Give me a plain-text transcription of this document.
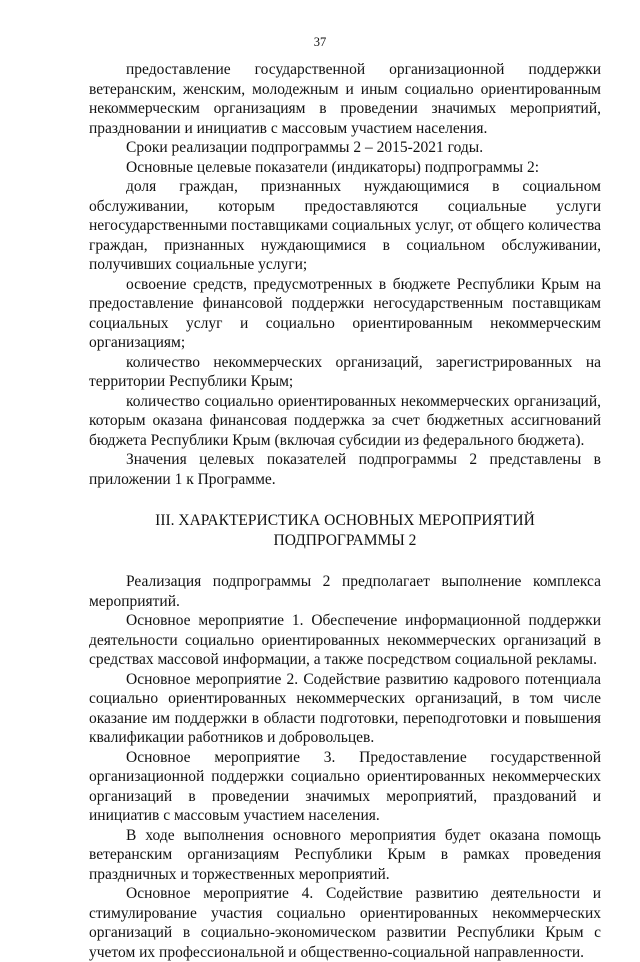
37

предоставление государственной организационной поддержки ветеранским, женским, молодежным и иным социально ориентированным некоммерческим организациям в проведении значимых мероприятий, праздновании и инициатив с массовым участием населения.

Сроки реализации подпрограммы 2 – 2015-2021 годы.

Основные целевые показатели (индикаторы) подпрограммы 2:

доля граждан, признанных нуждающимися в социальном обслуживании, которым предоставляются социальные услуги негосударственными поставщиками социальных услуг, от общего количества граждан, признанных нуждающимися в социальном обслуживании, получивших социальные услуги;

освоение средств, предусмотренных в бюджете Республики Крым на предоставление финансовой поддержки негосударственным поставщикам социальных услуг и социально ориентированным некоммерческим организациям;

количество некоммерческих организаций, зарегистрированных на территории Республики Крым;

количество социально ориентированных некоммерческих организаций, которым оказана финансовая поддержка за счет бюджетных ассигнований бюджета Республики Крым (включая субсидии из федерального бюджета).

Значения целевых показателей подпрограммы 2 представлены в приложении 1 к Программе.

III. ХАРАКТЕРИСТИКА ОСНОВНЫХ МЕРОПРИЯТИЙ
ПОДПРОГРАММЫ 2

Реализация подпрограммы 2 предполагает выполнение комплекса мероприятий.

Основное мероприятие 1. Обеспечение информационной поддержки деятельности социально ориентированных некоммерческих организаций в средствах массовой информации, а также посредством социальной рекламы.

Основное мероприятие 2. Содействие развитию кадрового потенциала социально ориентированных некоммерческих организаций, в том числе оказание им поддержки в области подготовки, переподготовки и повышения квалификации работников и добровольцев.

Основное мероприятие 3. Предоставление государственной организационной поддержки социально ориентированных некоммерческих организаций в проведении значимых мероприятий, праздований и инициатив с массовым участием населения.

В ходе выполнения основного мероприятия будет оказана помощь ветеранским организациям Республики Крым в рамках проведения праздничных и торжественных мероприятий.

Основное мероприятие 4. Содействие развитию деятельности и стимулирование участия социально ориентированных некоммерческих организаций в социально-экономическом развитии Республики Крым с учетом их профессиональной и общественно-социальной направленности.
